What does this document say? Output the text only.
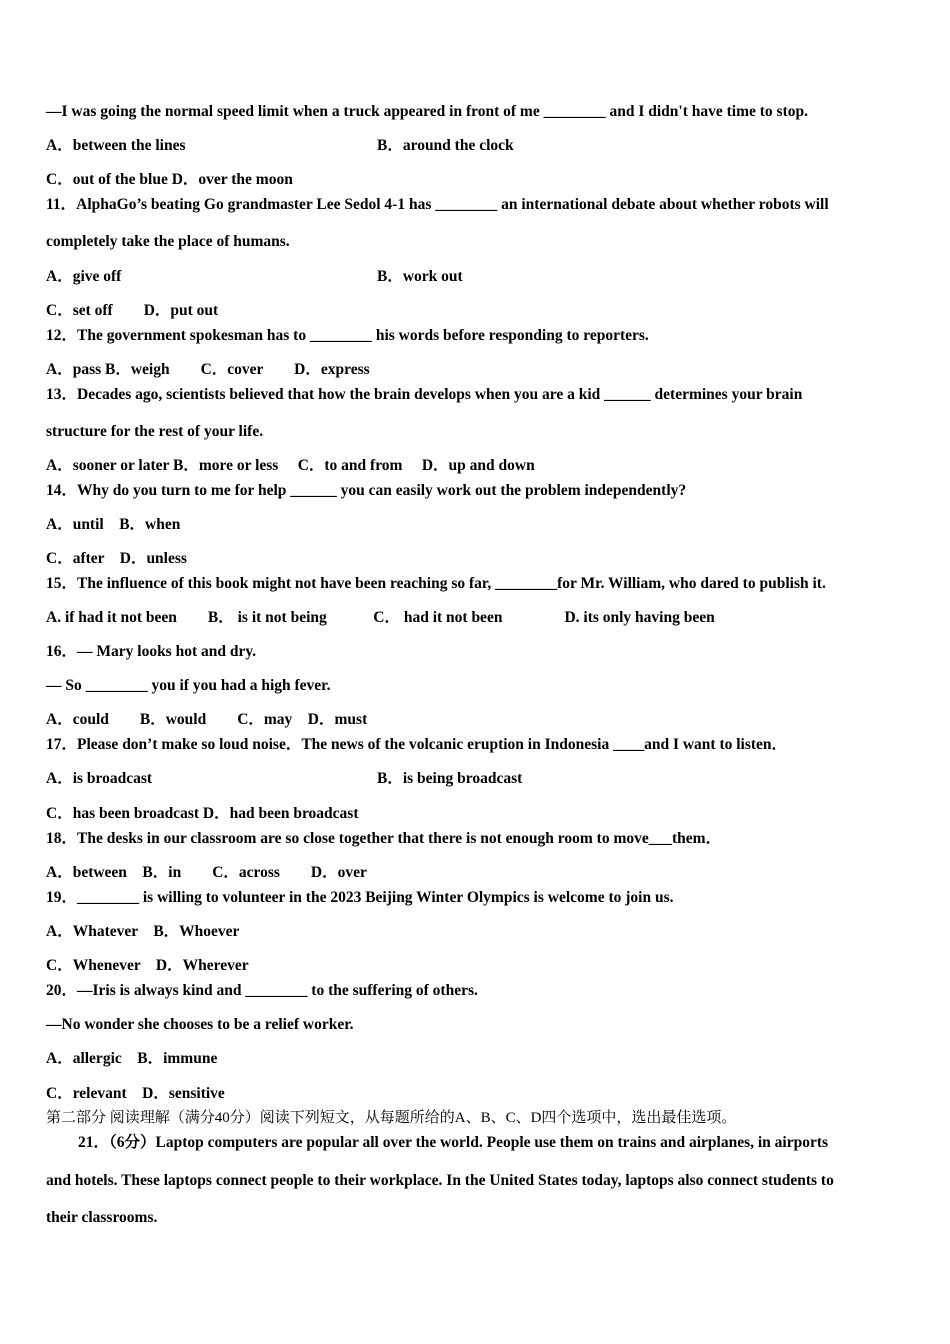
—I was going the normal speed limit when a truck appeared in front of me ________ and I didn't have time to stop.
A．between the lines	B．around the clock
C．out of the blue D．over the moon
11．AlphaGo’s beating Go grandmaster Lee Sedol 4-1 has ________ an international debate about whether robots will
completely take the place of humans.
A．give off	B．work out
C．set off　　D．put out
12．The government spokesman has to ________ his words before responding to reporters.
A．pass B．weigh　　C．cover　　D．express
13．Decades ago, scientists believed that how the brain develops when you are a kid ______ determines your brain
structure for the rest of your life.
A．sooner or later B．more or less　 C．to and from　 D．up and down
14．Why do you turn to me for help ______ you can easily work out the problem independently?
A．until　B．when
C．after　D．unless
15．The influence of this book might not have been reaching so far, ________for Mr. William, who dared to publish it.
A. if had it not been　　B． is it not being　　　C． had it not been　　　　D. its only having been
16．— Mary looks hot and dry.
— So ________ you if you had a high fever.
A．could　　B．would　　C．may　D．must
17．Please don’t make so loud noise．The news of the volcanic eruption in Indonesia ____and I want to listen．
A．is broadcast	B．is being broadcast
C．has been broadcast D．had been broadcast
18．The desks in our classroom are so close together that there is not enough room to move___them．
A．between　B．in　　C．across　　D．over
19．________ is willing to volunteer in the 2023 Beijing Winter Olympics is welcome to join us.
A．Whatever　B．Whoever
C．Whenever　D．Wherever
20．—Iris is always kind and ________ to the suffering of others.
—No wonder she chooses to be a relief worker.
A．allergic　B．immune
C．relevant　D．sensitive
第二部分 阅读理解（满分40分）阅读下列短文，从每题所给的A、B、C、D四个选项中，选出最佳选项。
21．（6分）Laptop computers are popular all over the world. People use them on trains and airplanes, in airports
and hotels. These laptops connect people to their workplace. In the United States today, laptops also connect students to
their classrooms.
